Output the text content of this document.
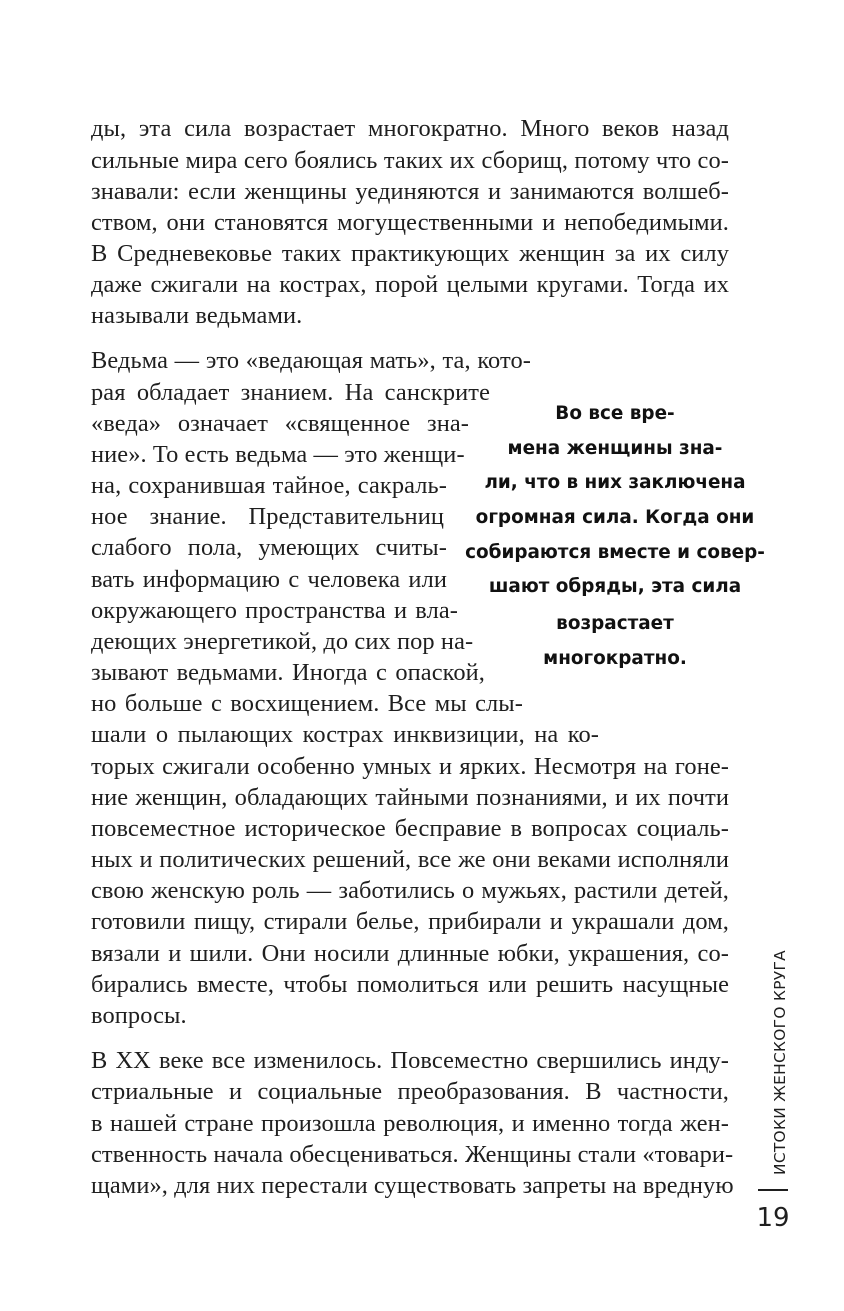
ды, эта сила возрастает многократно. Много веков назад
сильные мира сего боялись таких их сборищ, потому что со-
знавали: если женщины уединяются и занимаются волшеб-
ством, они становятся могущественными и непобедимыми.
В Средневековье таких практикующих женщин за их силу
даже сжигали на кострах, порой целыми кругами. Тогда их
называли ведьмами.
Ведьма — это «ведающая мать», та, кото-
рая обладает знанием. На санскрите
«веда» означает «священное зна-
ние». То есть ведьма — это женщи-
на, сохранившая тайное, сакраль-
ное знание. Представительниц
слабого пола, умеющих считы-
вать информацию с человека или
окружающего пространства и вла-
деющих энергетикой, до сих пор на-
зывают ведьмами. Иногда с опаской,
но больше с восхищением. Все мы слы-
шали о пылающих кострах инквизиции, на ко-
торых сжигали особенно умных и ярких. Несмотря на гоне-
ние женщин, обладающих тайными познаниями, и их почти
повсеместное историческое бесправие в вопросах социаль-
ных и политических решений, все же они веками исполняли
свою женскую роль — заботились о мужьях, растили детей,
готовили пищу, стирали белье, прибирали и украшали дом,
вязали и шили. Они носили длинные юбки, украшения, со-
бирались вместе, чтобы помолиться или решить насущные
вопросы.
В XX веке все изменилось. Повсеместно свершились инду-
стриальные и социальные преобразования. В частности,
в нашей стране произошла революция, и именно тогда жен-
ственность начала обесцениваться. Женщины стали «товари-
щами», для них перестали существовать запреты на вредную
Во все вре-
мена женщины зна-
ли, что в них заключена
огромная сила. Когда они
собираются вместе и совер-
шают обряды, эта сила
возрастает
многократно.
ИСТОКИ ЖЕНСКОГО КРУГА
19
